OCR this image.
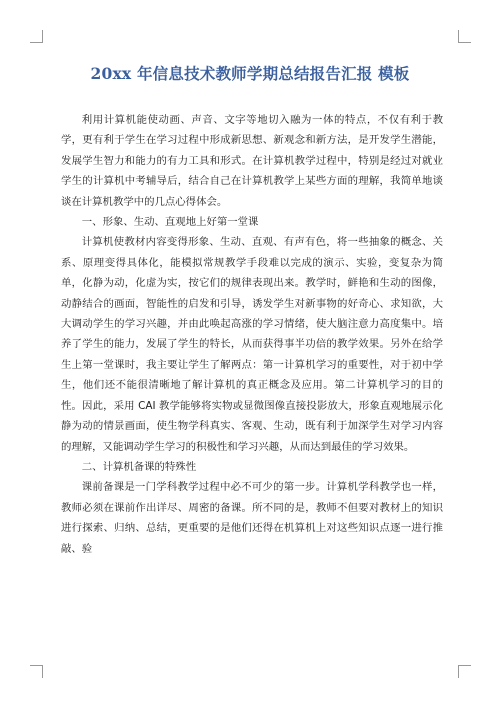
20xx 年信息技术教师学期总结报告汇报 模板

利用计算机能使动画、声音、文字等地切入融为一体的特点，不仅有利于教学，更有利于学生在学习过程中形成新思想、新观念和新方法，是开发学生潜能，发展学生智力和能力的有力工具和形式。在计算机教学过程中，特别是经过对就业学生的计算机中考辅导后，结合自己在计算机教学上某些方面的理解，我简单地谈谈在计算机教学中的几点心得体会。

一、形象、生动、直观地上好第一堂课

计算机使教材内容变得形象、生动、直观、有声有色，将一些抽象的概念、关系、原理变得具体化，能模拟常规教学手段难以完成的演示、实验，变复杂为简单，化静为动，化虚为实，按它们的规律表现出来。教学时，鲜艳和生动的图像，动静结合的画面，智能性的启发和引导，诱发学生对新事物的好奇心、求知欲，大大调动学生的学习兴趣，并由此唤起高涨的学习情绪，使大脑注意力高度集中。培养了学生的能力，发展了学生的特长，从而获得事半功倍的教学效果。另外在给学生上第一堂课时，我主要让学生了解两点：第一计算机学习的重要性，对于初中学生，他们还不能很清晰地了解计算机的真正概念及应用。第二计算机学习的目的性。因此，采用 CAI 教学能够将实物或显微图像直接投影放大，形象直观地展示化静为动的情景画面，使生物学科真实、客观、生动，既有利于加深学生对学习内容的理解，又能调动学生学习的积极性和学习兴趣，从而达到最佳的学习效果。

二、计算机备课的特殊性

课前备课是一门学科教学过程中必不可少的第一步。计算机学科教学也一样，教师必须在课前作出详尽、周密的备课。所不同的是，教师不但要对教材上的知识进行探索、归纳、总结，更重要的是他们还得在机算机上对这些知识点逐一进行推敲、验
